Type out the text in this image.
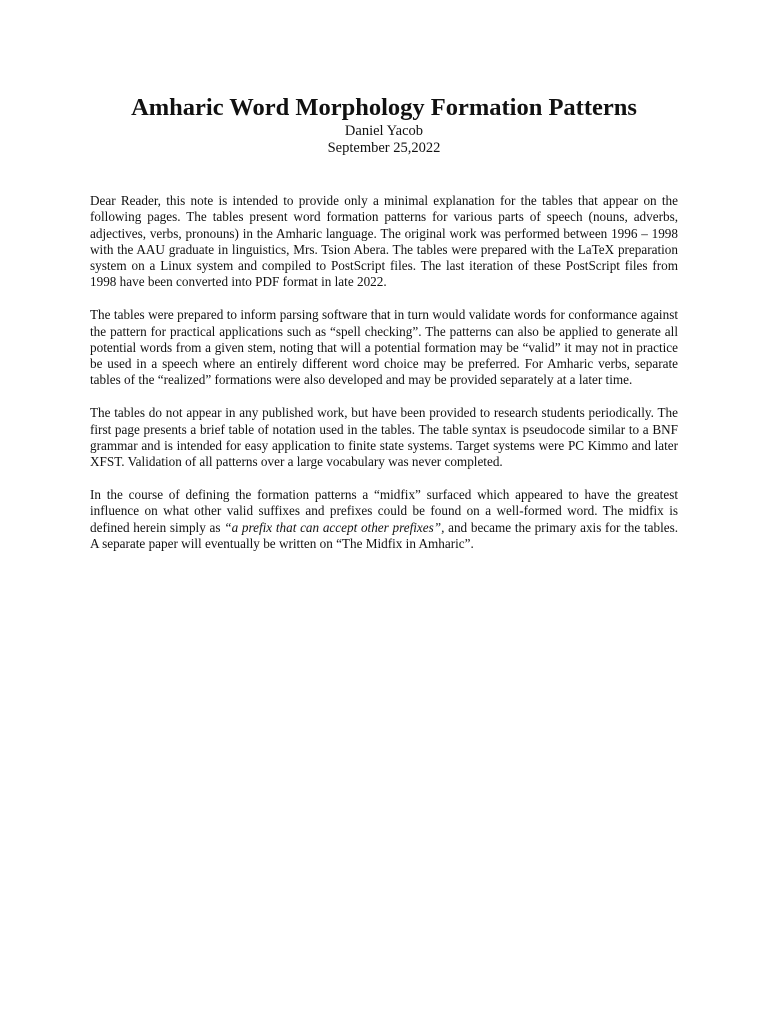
Amharic Word Morphology Formation Patterns
Daniel Yacob
September 25,2022

Dear Reader, this note is intended to provide only a minimal explanation for the tables that appear on the following pages. The tables present word formation patterns for various parts of speech (nouns, adverbs, adjectives, verbs, pronouns) in the Amharic language. The original work was performed between 1996 – 1998 with the AAU graduate in linguistics, Mrs. Tsion Abera. The tables were prepared with the LaTeX preparation system on a Linux system and compiled to PostScript files. The last iteration of these PostScript files from 1998 have been converted into PDF format in late 2022.

The tables were prepared to inform parsing software that in turn would validate words for conformance against the pattern for practical applications such as “spell checking”. The patterns can also be applied to generate all potential words from a given stem, noting that will a potential formation may be “valid” it may not in practice be used in a speech where an entirely different word choice may be preferred. For Amharic verbs, separate tables of the “realized” formations were also developed and may be provided separately at a later time.

The tables do not appear in any published work, but have been provided to research students periodically. The first page presents a brief table of notation used in the tables. The table syntax is pseudocode similar to a BNF grammar and is intended for easy application to finite state systems. Target systems were PC Kimmo and later XFST. Validation of all patterns over a large vocabulary was never completed.

In the course of defining the formation patterns a “midfix” surfaced which appeared to have the greatest influence on what other valid suffixes and prefixes could be found on a well-formed word. The midfix is defined herein simply as “a prefix that can accept other prefixes”, and became the primary axis for the tables. A separate paper will eventually be written on “The Midfix in Amharic”.
